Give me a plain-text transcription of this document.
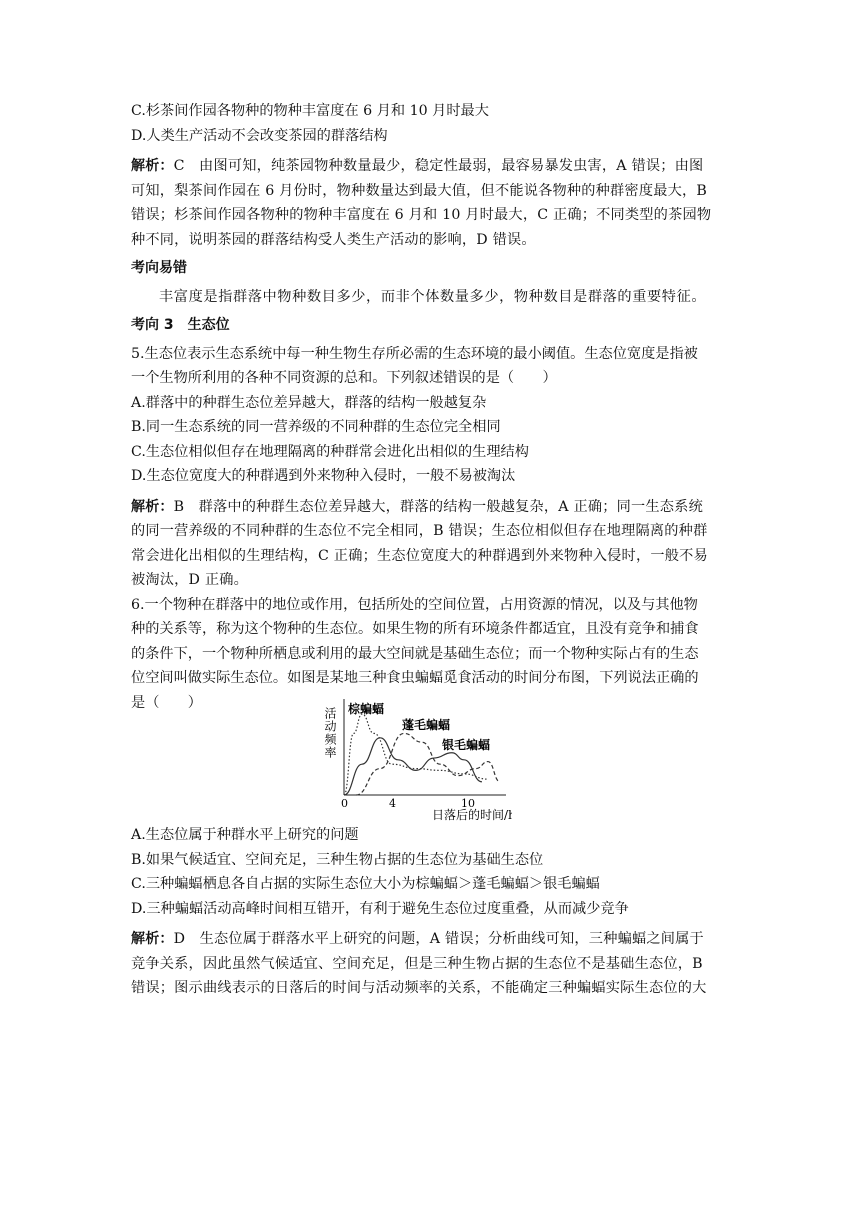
C.杉茶间作园各物种的物种丰富度在 6 月和 10 月时最大

D.人类生产活动不会改变茶园的群落结构

解析：C　由图可知，纯茶园物种数量最少，稳定性最弱，最容易暴发虫害，A 错误；由图

可知，梨茶间作园在 6 月份时，物种数量达到最大值，但不能说各物种的种群密度最大，B

错误；杉茶间作园各物种的物种丰富度在 6 月和 10 月时最大，C 正确；不同类型的茶园物

种不同，说明茶园的群落结构受人类生产活动的影响，D 错误。

考向易错

丰富度是指群落中物种数目多少，而非个体数量多少，物种数目是群落的重要特征。

考向 3　生态位

5.生态位表示生态系统中每一种生物生存所必需的生态环境的最小阈值。生态位宽度是指被

一个生物所利用的各种不同资源的总和。下列叙述错误的是（　　）

A.群落中的种群生态位差异越大，群落的结构一般越复杂

B.同一生态系统的同一营养级的不同种群的生态位完全相同

C.生态位相似但存在地理隔离的种群常会进化出相似的生理结构

D.生态位宽度大的种群遇到外来物种入侵时，一般不易被淘汰

解析：B　群落中的种群生态位差异越大，群落的结构一般越复杂，A 正确；同一生态系统

的同一营养级的不同种群的生态位不完全相同，B 错误；生态位相似但存在地理隔离的种群

常会进化出相似的生理结构，C 正确；生态位宽度大的种群遇到外来物种入侵时，一般不易

被淘汰，D 正确。

6.一个物种在群落中的地位或作用，包括所处的空间位置，占用资源的情况，以及与其他物

种的关系等，称为这个物种的生态位。如果生物的所有环境条件都适宜，且没有竞争和捕食

的条件下，一个物种所栖息或利用的最大空间就是基础生态位；而一个物种实际占有的生态

位空间叫做实际生态位。如图是某地三种食虫蝙蝠觅食活动的时间分布图，下列说法正确的

是（　　）

活动频率 棕蝙蝠
蓬毛蝙蝠
银毛蝙蝠
0	4	10
日落后的时间/h

A.生态位属于种群水平上研究的问题

B.如果气候适宜、空间充足，三种生物占据的生态位为基础生态位

C.三种蝙蝠栖息各自占据的实际生态位大小为棕蝙蝠＞蓬毛蝙蝠＞银毛蝙蝠

D.三种蝙蝠活动高峰时间相互错开，有利于避免生态位过度重叠，从而减少竞争

解析：D　生态位属于群落水平上研究的问题，A 错误；分析曲线可知，三种蝙蝠之间属于

竞争关系，因此虽然气候适宜、空间充足，但是三种生物占据的生态位不是基础生态位，B

错误；图示曲线表示的日落后的时间与活动频率的关系，不能确定三种蝙蝠实际生态位的大
